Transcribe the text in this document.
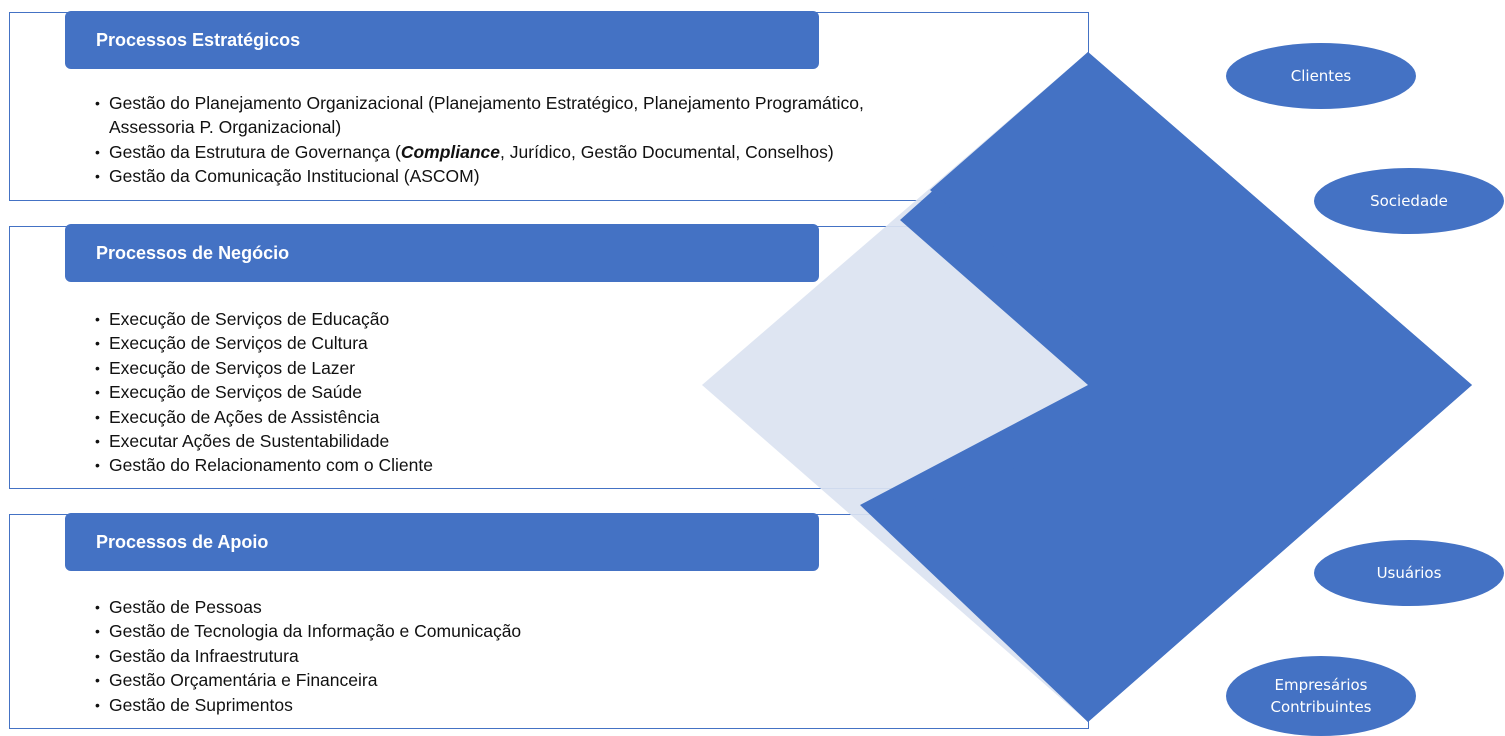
Processos Estratégicos
• Gestão do Planejamento Organizacional (Planejamento Estratégico, Planejamento Programático,
Assessoria P. Organizacional)
• Gestão da Estrutura de Governança (Compliance, Jurídico, Gestão Documental, Conselhos)
• Gestão da Comunicação Institucional (ASCOM)
Processos de Negócio
• Execução de Serviços de Educação
• Execução de Serviços de Cultura
• Execução de Serviços de Lazer
• Execução de Serviços de Saúde
• Execução de Ações de Assistência
• Executar Ações de Sustentabilidade
• Gestão do Relacionamento com o Cliente
Processos de Apoio
• Gestão de Pessoas
• Gestão de Tecnologia da Informação e Comunicação
• Gestão da Infraestrutura
• Gestão Orçamentária e Financeira
• Gestão de Suprimentos
Clientes
Sociedade
Usuários
Empresários
Contribuintes
